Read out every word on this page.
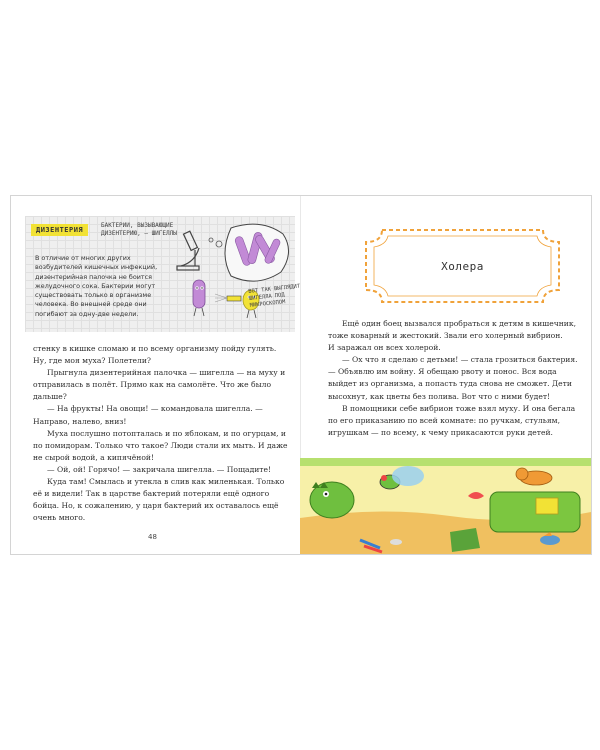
ДИЗЕНТЕРИЯ
БАКТЕРИИ, ВЫЗЫВАЮЩИЕ ДИЗЕНТЕРИЮ, — ШИГЕЛЛЫ
В отличие от многих других возбудителей кишечных инфекций, дизентерийная палочка не боится желудочного сока. Бактерии могут существовать только в организме человека. Во внешней среде они погибают за одну-две недели.
ВОТ ТАК ВЫГЛЯДИТ ШИГЕЛЛА ПОД МИКРОСКОПОМ

стенку в кишке сломаю и по всему организму пойду гулять. Ну, где моя муха? Полетели?

Прыгнула дизентерийная палочка — шигелла — на муху и отправилась в полёт. Прямо как на самолёте. Что же было дальше?

— На фрукты! На овощи! — командовала шигелла. — Направо, налево, вниз!

Муха послушно потопталась и по яблокам, и по огурцам, и по помидорам. Только что такое? Люди стали их мыть. И даже не сырой водой, а кипячёной!

— Ой, ой! Горячо! — закричала шигелла. — Пощадите!

Куда там! Смылась и утекла в слив как миленькая. Только её и видели! Так в царстве бактерий потеряли ещё одного бойца. Но, к сожалению, у царя бактерий их оставалось ещё очень много.

48
Холера

Ещё один боец вызвался пробраться к детям в кишечник, тоже коварный и жестокий. Звали его холерный вибрион.

И заражал он всех холерой.

— Ох что я сделаю с детьми! — стала грозиться бактерия. — Объявлю им войну. Я обещаю рвоту и понос. Вся вода выйдет из организма, а попасть туда снова не сможет. Дети высохнут, как цветы без полива. Вот что с ними будет!

В помощники себе вибрион тоже взял муху. И она бегала по его приказанию по всей комнате: по ручкам, стульям, игрушкам — по всему, к чему прикасаются руки детей.
